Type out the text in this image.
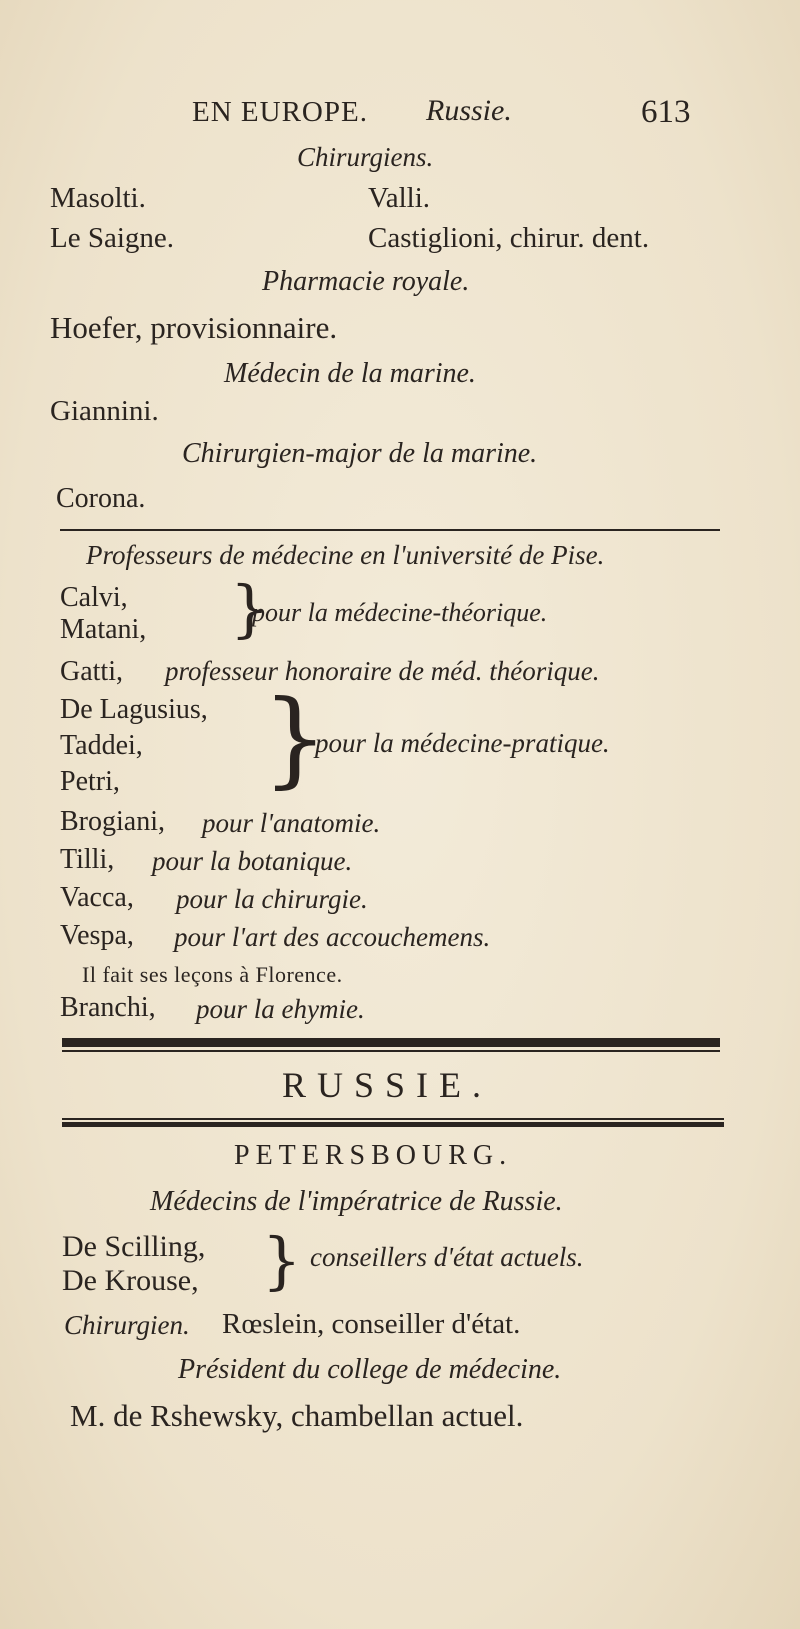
EN EUROPE. Russie.	613
Chirurgiens.
Masolti.	Valli.
Le Saigne.	Castiglioni, chirur. dent.
Pharmacie royale.
Hoefer, provisionnaire.
Médecin de la marine.
Giannini.
Chirurgien-major de la marine.
Corona.
Professeurs de médecine en l'université de Pise.
Calvi,
Matani, }
pour la médecine-théorique.
Gatti, professeur honoraire de méd. théorique.
De Lagusius,
Taddei,
Petri, }
pour la médecine-pratique.
Brogiani, pour l'anatomie.
Tilli, pour la botanique.
Vacca, pour la chirurgie.
Vespa, pour l'art des accouchemens.
Il fait ses leçons à Florence.
Branchi, pour la ehymie.
RUSSIE.
PETERSBOURG.
Médecins de l'impératrice de Russie.
De Scilling,
De Krouse, } conseillers d'état actuels.
Chirurgien. Rœslein, conseiller d'état.
Président du college de médecine.
M. de Rshewsky, chambellan actuel.
